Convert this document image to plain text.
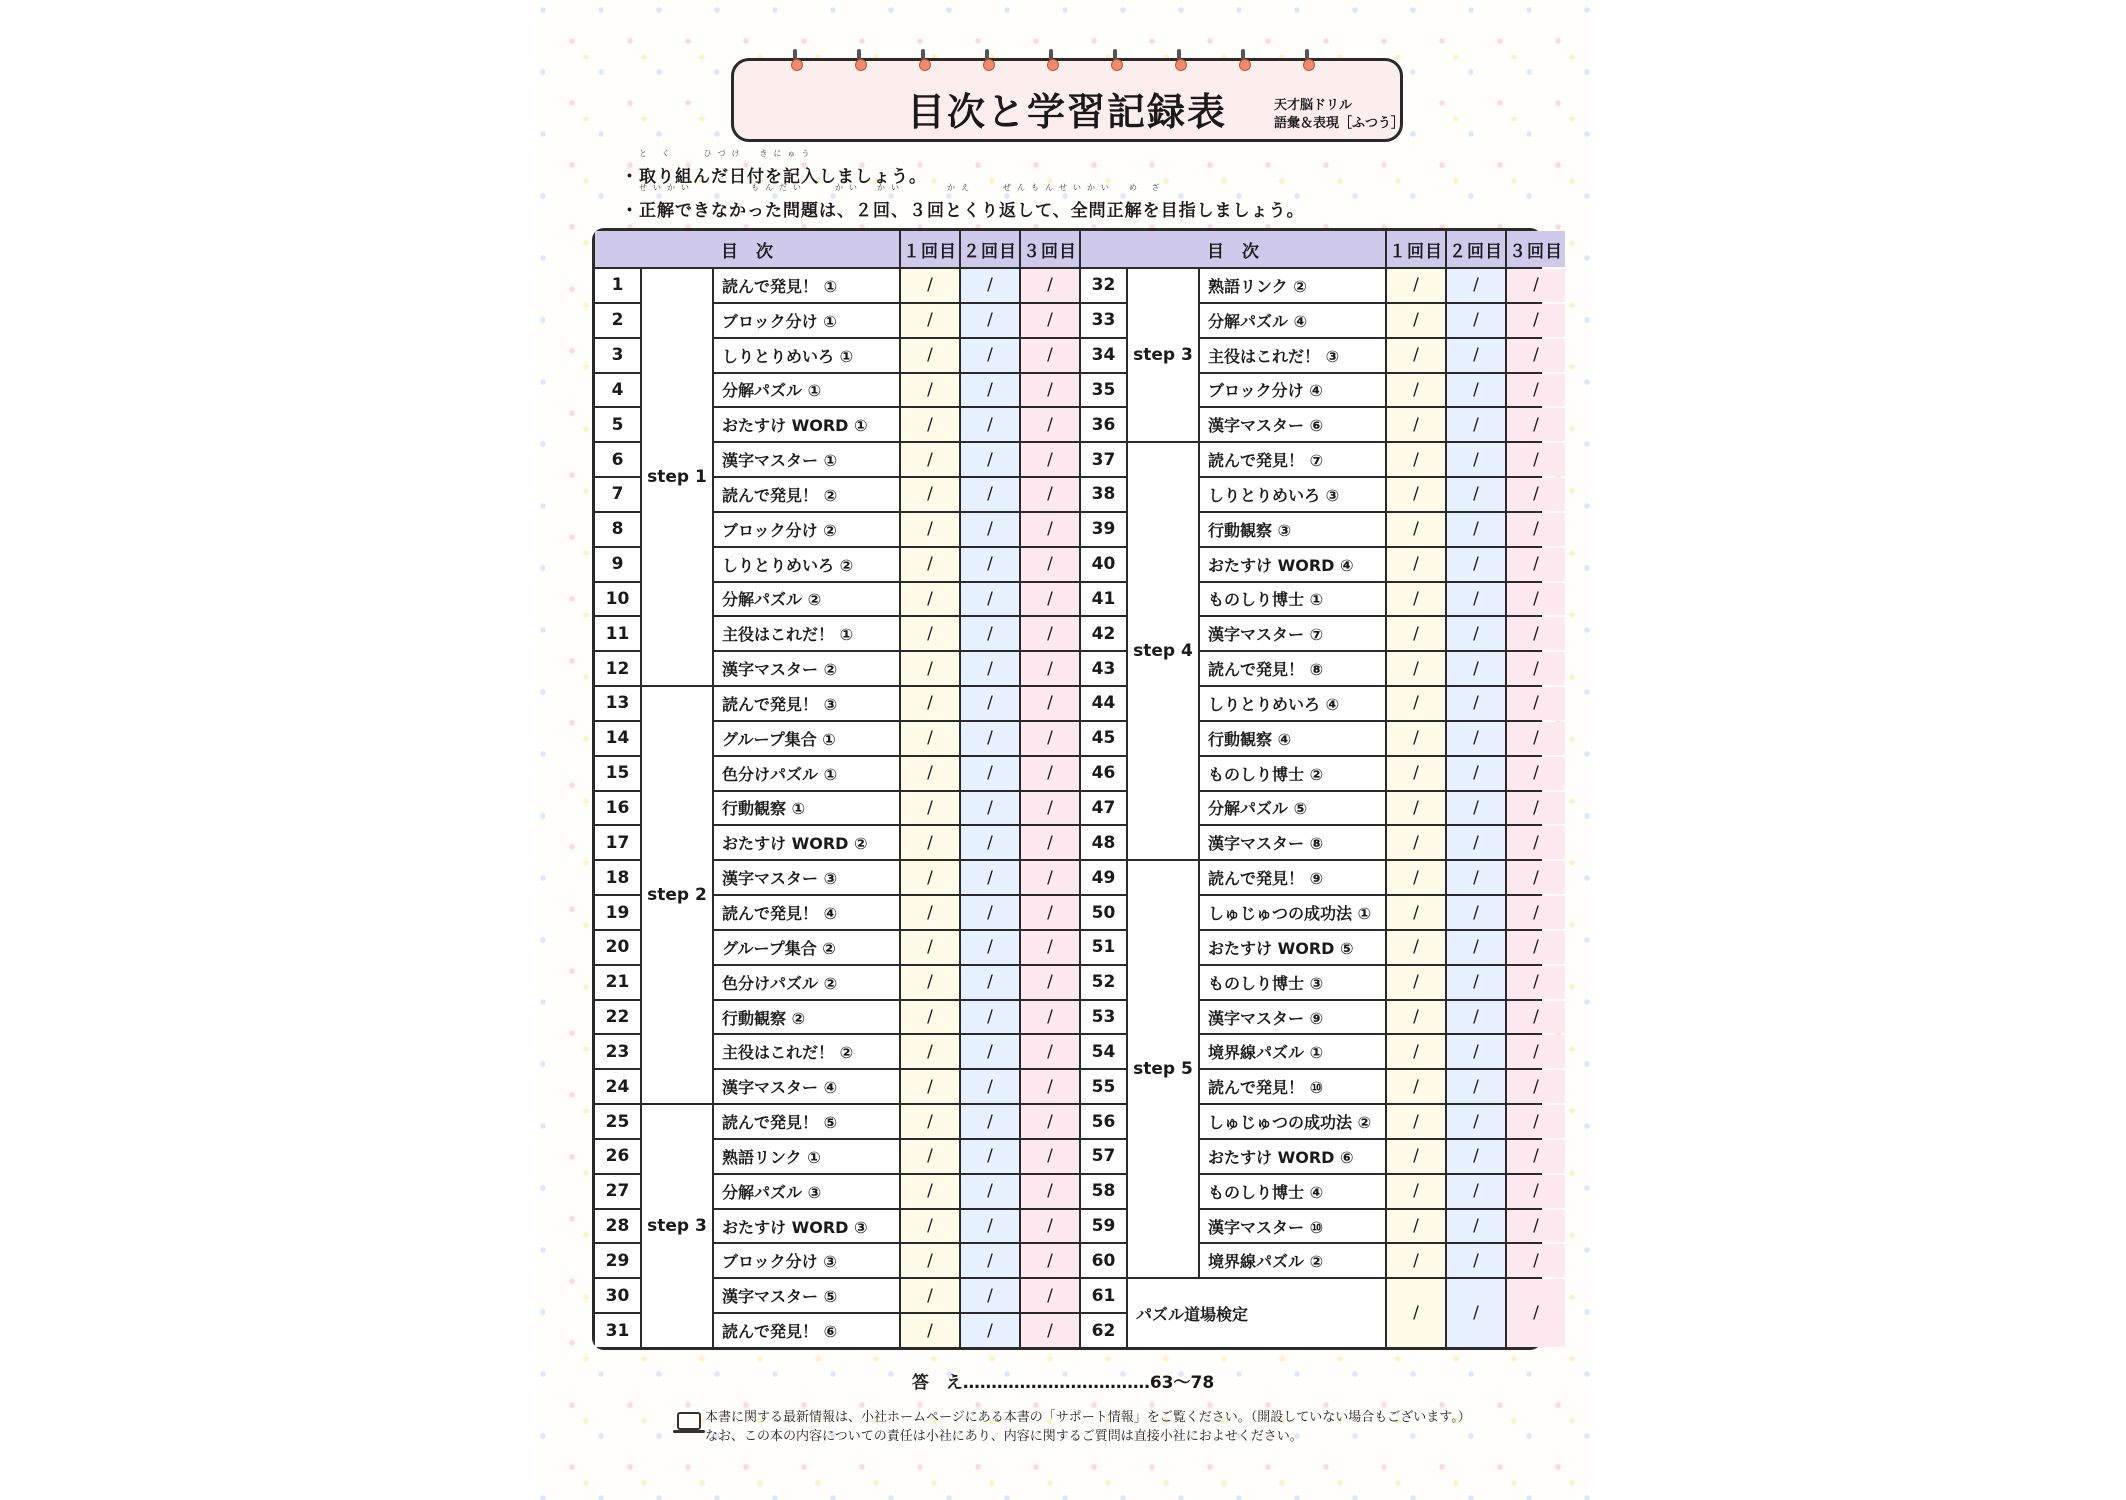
目次と学習記録表	天才脳ドリル
語彙＆表現［ふつう］
と く　　ひづけ　きにゅう
・取り組んだ日付を記入しましょう。
せいかい　　　　もんだい　　かい　かい　　　かえ　　ぜんもんせいかい　め ざ
・正解できなかった問題は、２回、３回とくり返して、全問正解を目指しましょう。
目次	１回目 ２回目 ３回目	目次	１回目 ２回目 ３回目
1	読んで発見！ ①	/	/	/
2	ブロック分け ①	/	/	/
3	しりとりめいろ ①	/	/	/
4	分解パズル ①	/	/	/
5	おたすけ WORD ①	/	/	/
6	漢字マスター ①	/	/	/
7	読んで発見！ ②	/	/	/
8	ブロック分け ②	/	/	/
9	しりとりめいろ ②	/	/	/
10	分解パズル ②	/	/	/
11	主役はこれだ！ ①	/	/	/
12	漢字マスター ②	/	/	/
13	読んで発見！ ③	/	/	/
14	グループ集合 ①	/	/	/
15	色分けパズル ①	/	/	/
16	行動観察 ①	/	/	/
17	おたすけ WORD ②	/	/	/
18	漢字マスター ③	/	/	/
19	読んで発見！ ④	/	/	/
20	グループ集合 ②	/	/	/
21	色分けパズル ②	/	/	/
22	行動観察 ②	/	/	/
23	主役はこれだ！ ②	/	/	/
24	漢字マスター ④	/	/	/
25	読んで発見！ ⑤	/	/	/
26	熟語リンク ①	/	/	/
27	分解パズル ③	/	/	/
28	おたすけ WORD ③	/	/	/
29	ブロック分け ③	/	/	/
30	漢字マスター ⑤	/	/	/
31	読んで発見！ ⑥	/	/	/
step 1
step 2
step 3
32	熟語リンク ②	/	/	/
33	分解パズル ④	/	/	/
34	主役はこれだ！ ③	/	/	/
35	ブロック分け ④	/	/	/
36	漢字マスター ⑥	/	/	/
37	読んで発見！ ⑦	/	/	/
38	しりとりめいろ ③	/	/	/
39	行動観察 ③	/	/	/
40	おたすけ WORD ④	/	/	/
41	ものしり博士 ①	/	/	/
42	漢字マスター ⑦	/	/	/
43	読んで発見！ ⑧	/	/	/
44	しりとりめいろ ④	/	/	/
45	行動観察 ④	/	/	/
46	ものしり博士 ②	/	/	/
47	分解パズル ⑤	/	/	/
48	漢字マスター ⑧	/	/	/
49	読んで発見！ ⑨	/	/	/
50	しゅじゅつの成功法 ①	/	/	/
51	おたすけ WORD ⑤	/	/	/
52	ものしり博士 ③	/	/	/
53	漢字マスター ⑨	/	/	/
54	境界線パズル ①	/	/	/
55	読んで発見！ ⑩	/	/	/
56	しゅじゅつの成功法 ②	/	/	/
57	おたすけ WORD ⑥	/	/	/
58	ものしり博士 ④	/	/	/
59	漢字マスター ⑩	/	/	/
60	境界線パズル ②	/	/	/
step 3
step 4
step 5
61
62
パズル道場検定	/	/	/
答　え……………………………63〜78
本書に関する最新情報は、小社ホームページにある本書の「サポート情報」をご覧ください。（開設していない場合もございます。）
なお、この本の内容についての責任は小社にあり、内容に関するご質問は直接小社におよせください。
